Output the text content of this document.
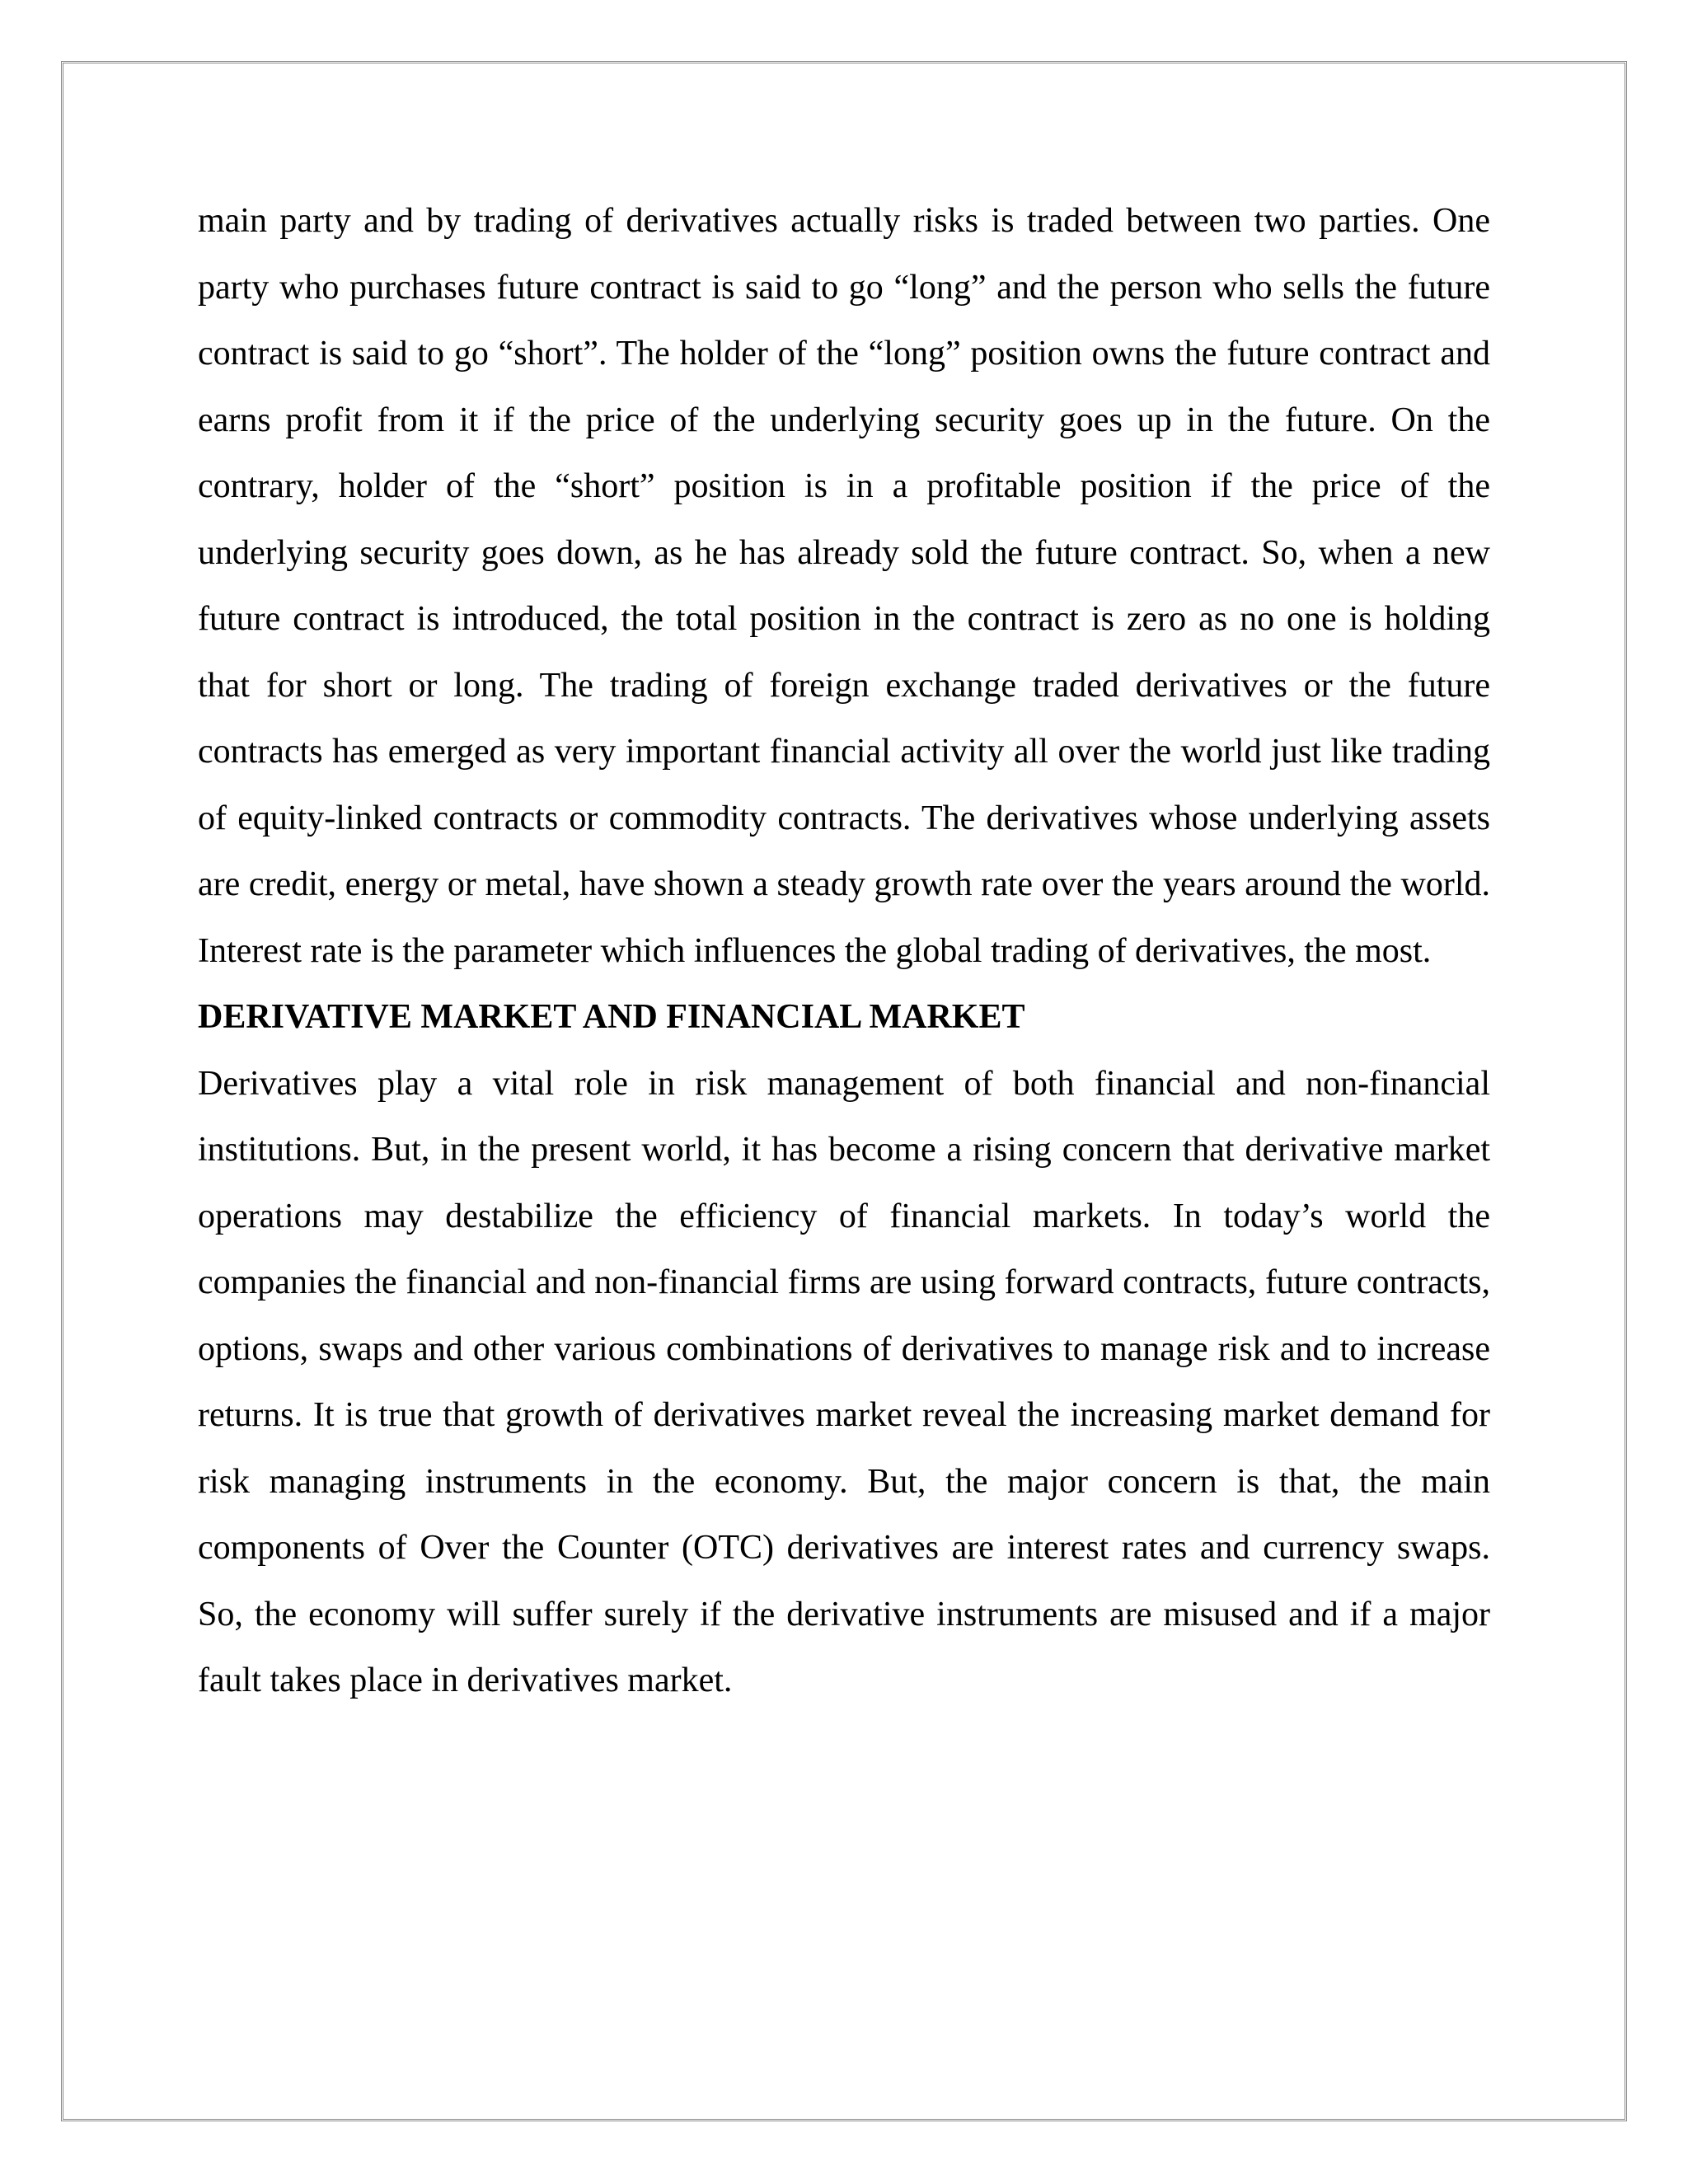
main party and by trading of derivatives actually risks is traded between two parties. One party who purchases future contract is said to go “long” and the person who sells the future contract is said to go “short”. The holder of the “long” position owns the future contract and earns profit from it if the price of the underlying security goes up in the future. On the contrary, holder of the “short” position is in a profitable position if the price of the underlying security goes down, as he has already sold the future contract. So, when a new future contract is introduced, the total position in the contract is zero as no one is holding that for short or long. The trading of foreign exchange traded derivatives or the future contracts has emerged as very important financial activity all over the world just like trading of equity-linked contracts or commodity contracts. The derivatives whose underlying assets are credit, energy or metal, have shown a steady growth rate over the years around the world. Interest rate is the parameter which influences the global trading of derivatives, the most.

DERIVATIVE MARKET AND FINANCIAL MARKET

Derivatives play a vital role in risk management of both financial and non-financial institutions. But, in the present world, it has become a rising concern that derivative market operations may destabilize the efficiency of financial markets. In today’s world the companies the financial and non-financial firms are using forward contracts, future contracts, options, swaps and other various combinations of derivatives to manage risk and to increase returns. It is true that growth of derivatives market reveal the increasing market demand for risk managing instruments in the economy. But, the major concern is that, the main components of Over the Counter (OTC) derivatives are interest rates and currency swaps. So, the economy will suffer surely if the derivative instruments are misused and if a major fault takes place in derivatives market.
